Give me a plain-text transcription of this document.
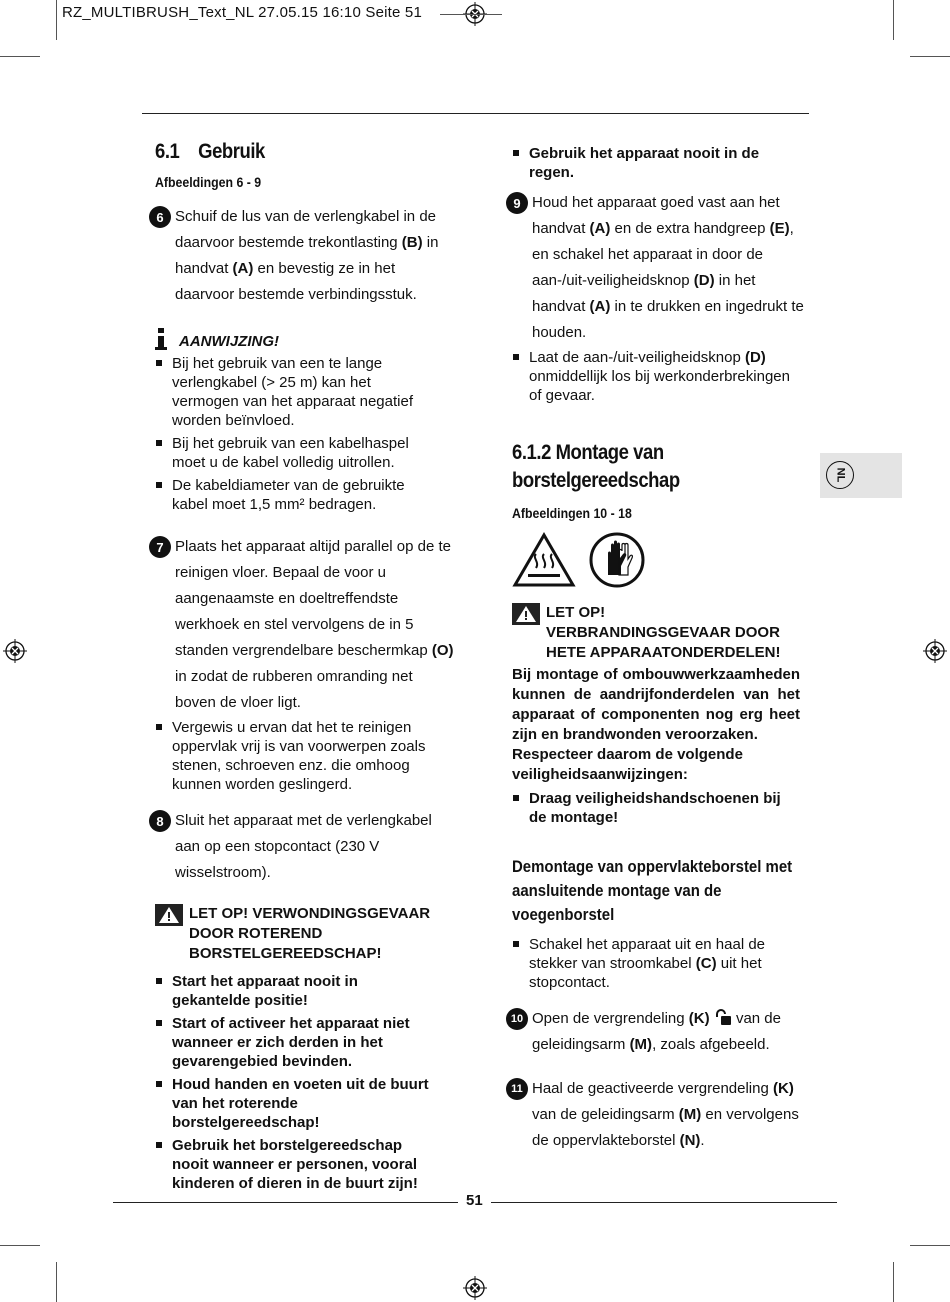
RZ_MULTIBRUSH_Text_NL 27.05.15 16:10 Seite 51
NL
6.1    Gebruik
Afbeeldingen 6 - 9
6 Schuif de lus van de verlengkabel in de daarvoor bestemde trekontlasting (B) in handvat (A) en bevestig ze in het daarvoor bestemde verbindingsstuk.
AANWIJZING!
Bij het gebruik van een te lange verlengkabel (> 25 m) kan het vermogen van het apparaat negatief worden beïnvloed.
Bij het gebruik van een kabelhaspel moet u de kabel volledig uitrollen.
De kabeldiameter van de gebruikte kabel moet 1,5 mm² bedragen.
7 Plaats het apparaat altijd parallel op de te reinigen vloer. Bepaal de voor u aangenaamste en doeltreffendste werkhoek en stel vervolgens de in 5 standen vergrendelbare beschermkap (O) in zodat de rubberen omranding net boven de vloer ligt.
Vergewis u ervan dat het te reinigen oppervlak vrij is van voorwerpen zoals stenen, schroeven enz. die omhoog kunnen worden geslingerd.
8 Sluit het apparaat met de verlengkabel aan op een stopcontact (230 V wisselstroom).
LET OP! VERWONDINGSGEVAAR DOOR ROTEREND BORSTELGEREEDSCHAP!
Start het apparaat nooit in gekantelde positie!
Start of activeer het apparaat niet wanneer er zich derden in het gevarengebied bevinden.
Houd handen en voeten uit de buurt van het roterende borstelgereedschap!
Gebruik het borstelgereedschap nooit wanneer er personen, vooral kinderen of dieren in de buurt zijn!
Gebruik het apparaat nooit in de regen.
9 Houd het apparaat goed vast aan het handvat (A) en de extra handgreep (E), en schakel het apparaat in door de aan-/uit-veiligheidsknop (D) in het handvat (A) in te drukken en ingedrukt te houden.
Laat de aan-/uit-veiligheidsknop (D) onmiddellijk los bij werkonderbrekingen of gevaar.
6.1.2 Montage van borstelgereedschap
Afbeeldingen 10 - 18
LET OP! VERBRANDINGSGEVAAR DOOR HETE APPARAATONDERDELEN!
Bij montage of ombouwwerkzaamheden kunnen de aandrijfonderdelen van het apparaat of componenten nog erg heet zijn en brandwonden veroorzaken.
Respecteer daarom de volgende veiligheidsaanwijzingen:
Draag veiligheidshandschoenen bij de montage!
Demontage van oppervlakteborstel met aansluitende montage van de voegenborstel
Schakel het apparaat uit en haal de stekker van stroomkabel (C) uit het stopcontact.
10 Open de vergrendeling (K)  van de geleidingsarm (M), zoals afgebeeld.
11 Haal de geactiveerde vergrendeling (K) van de geleidingsarm (M) en vervolgens de oppervlakteborstel (N).
51
